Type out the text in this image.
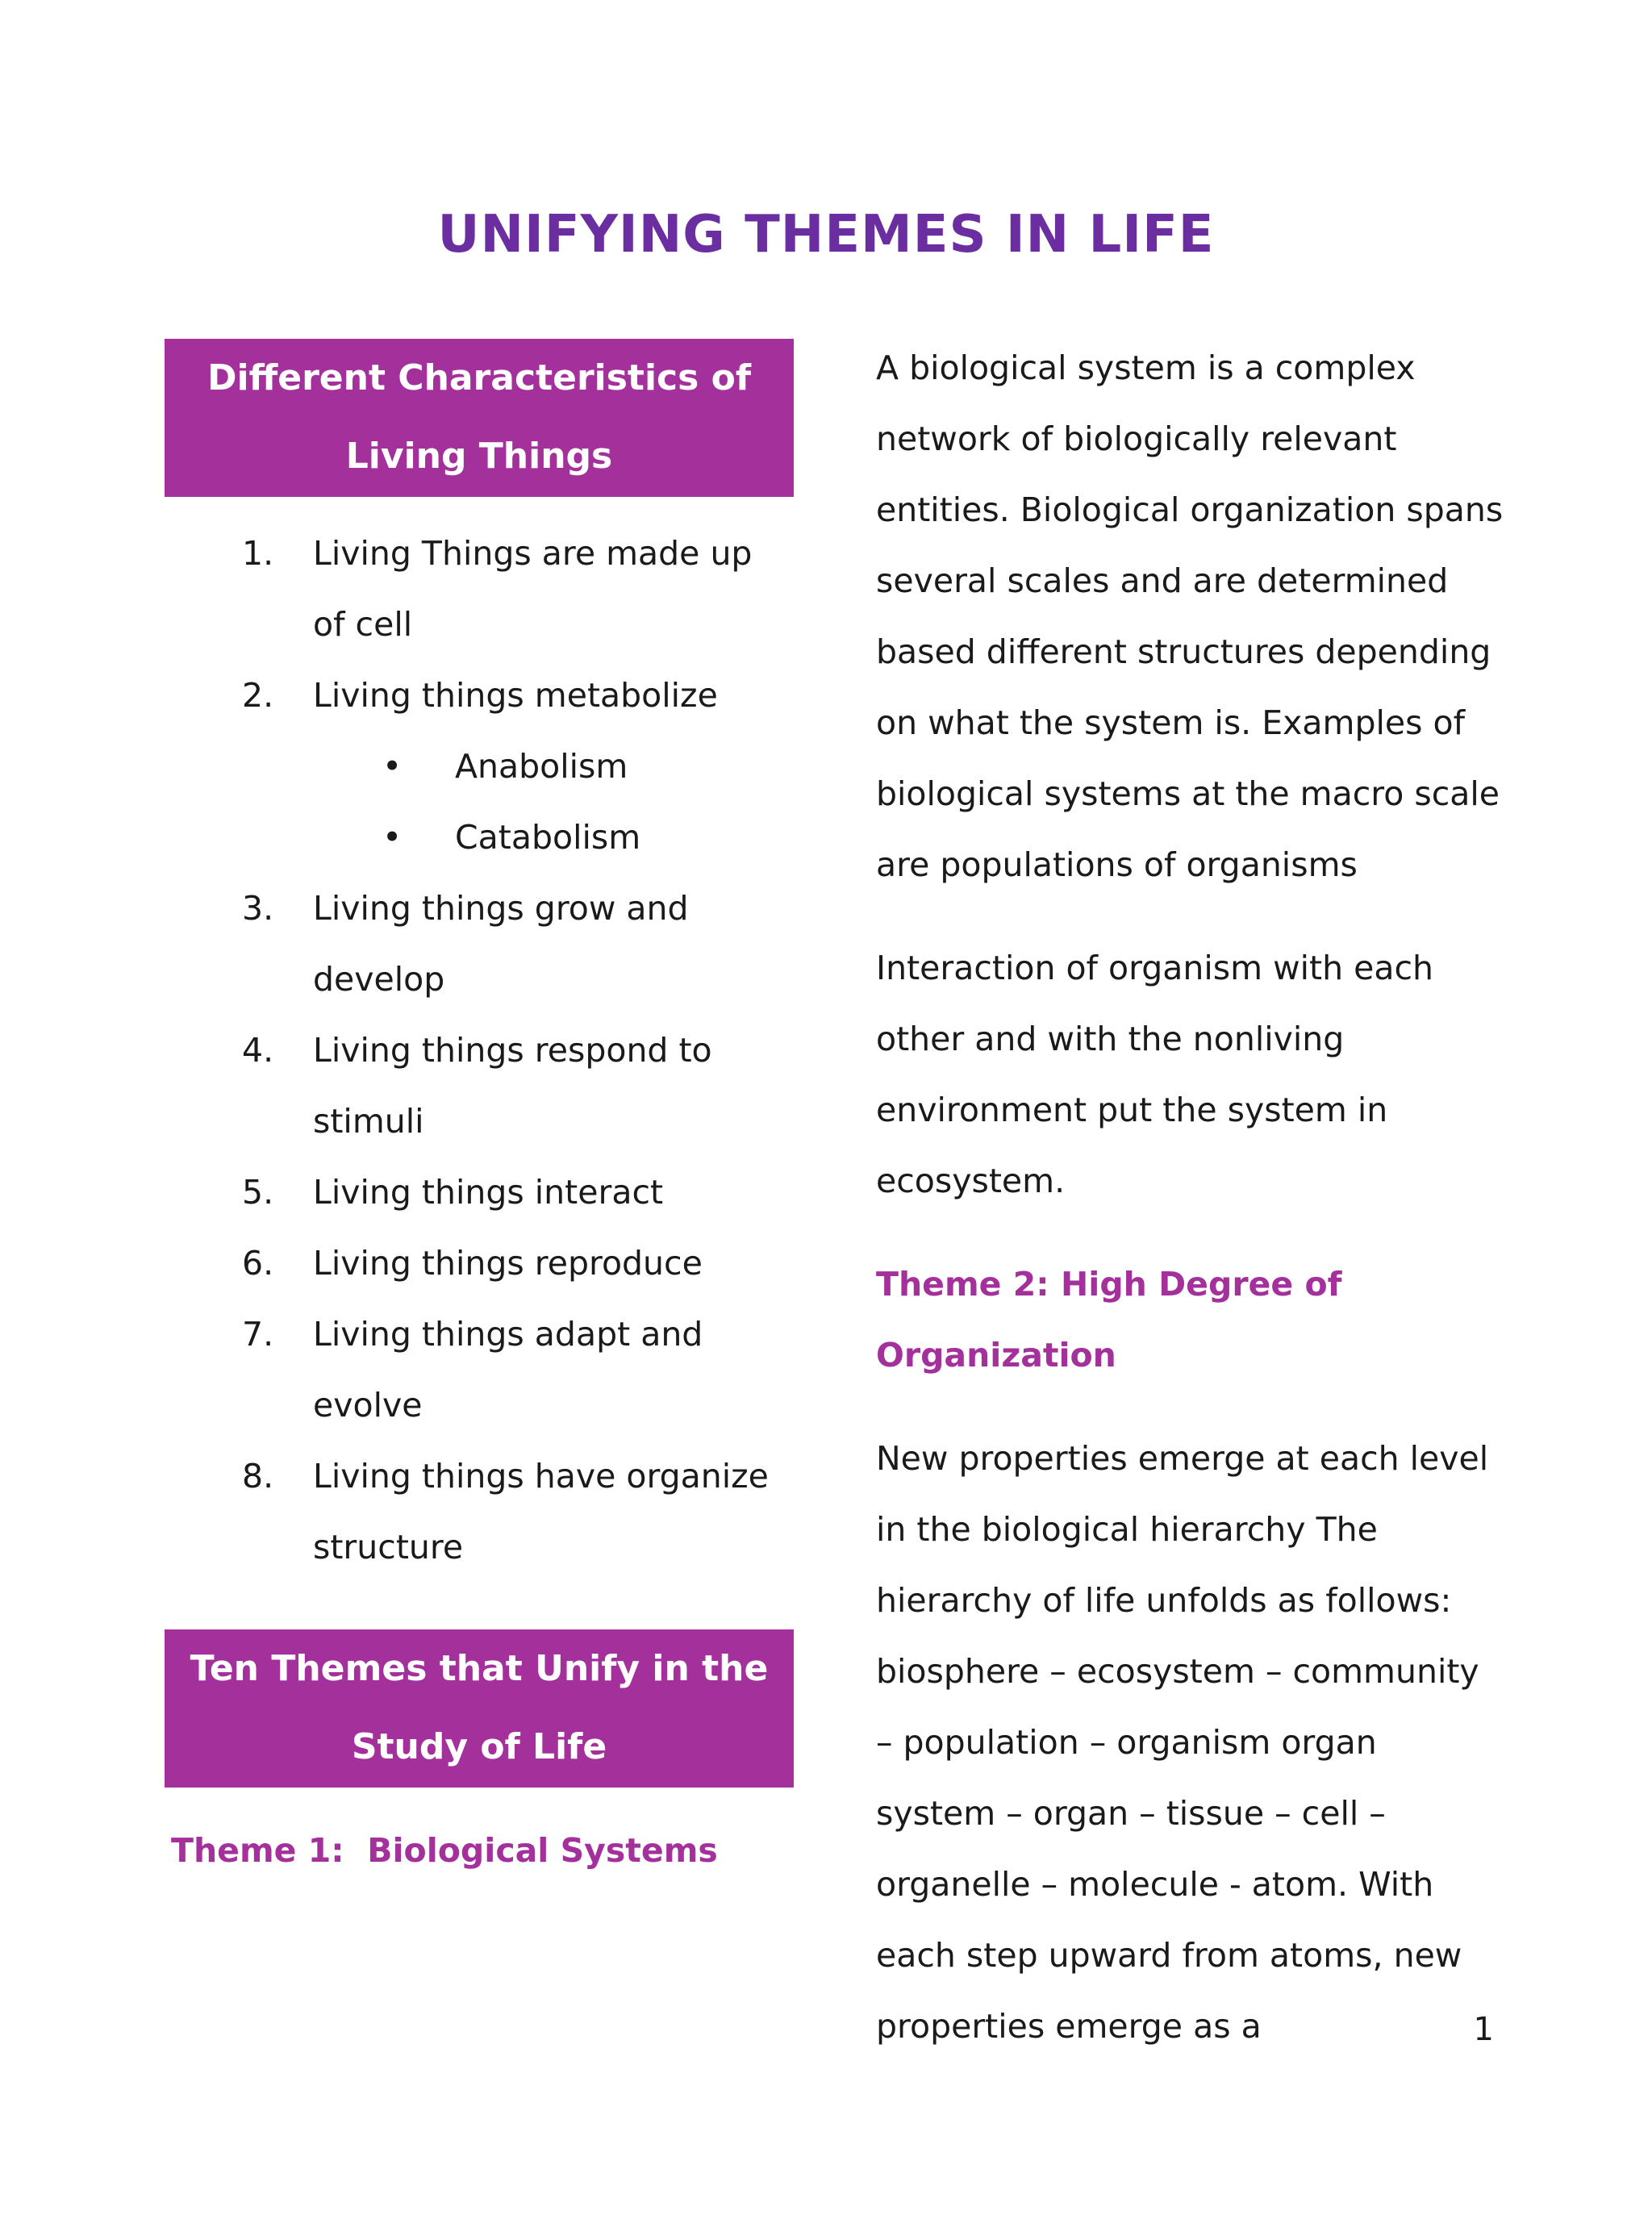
UNIFYING THEMES IN LIFE
Different Characteristics of Living Things
1. Living Things are made up of cell
2. Living things metabolize
• Anabolism
• Catabolism
3. Living things grow and develop
4. Living things respond to stimuli
5. Living things interact
6. Living things reproduce
7. Living things adapt and evolve
8. Living things have organize structure
Ten Themes that Unify in the Study of Life
Theme 1:  Biological Systems

A biological system is a complex network of biologically relevant entities. Biological organization spans several scales and are determined based different structures depending on what the system is. Examples of biological systems at the macro scale are populations of organisms

Interaction of organism with each other and with the nonliving environment put the system in ecosystem.

Theme 2: High Degree of Organization

New properties emerge at each level in the biological hierarchy The hierarchy of life unfolds as follows: biosphere – ecosystem – community – population – organism organ system – organ – tissue – cell – organelle – molecule - atom. With each step upward from atoms, new properties emerge as a	1
